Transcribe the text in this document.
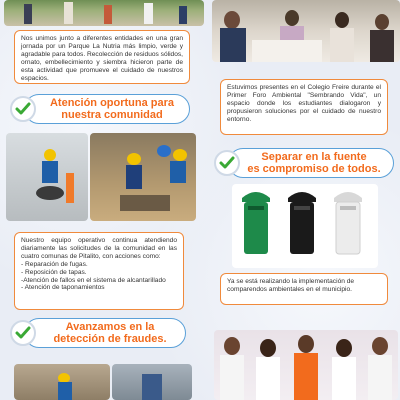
Nos unimos junto a diferentes entidades en una gran jornada por un Parque La Nutria más limpio, verde y agradable para todos. Recolección de residuos sólidos, ornato, embellecimiento y siembra hicieron parte de esta actividad que promueve el cuidado de nuestros espacios.
Estuvimos presentes en el Colegio Freire durante el Primer Foro Ambiental "Sembrando Vida", un espacio donde los estudiantes dialogaron y propusieron soluciones por el cuidado de nuestro entorno.
Atención oportuna para
nuestra comunidad
Separar en la fuente
es compromiso de todos.
Nuestro equipo operativo continua atendiendo diariamente las solicitudes de la comunidad en las cuatro comunas de Pitalito, con acciones como:
- Reparación de fugas.
- Reposición de tapas.
-Atención de fallos en el sistema de alcantarillado
- Atención de taponamientos
Ya se está realizando la implementación de comparendos ambientales en el municipio.
Avanzamos en la
detección de fraudes.
